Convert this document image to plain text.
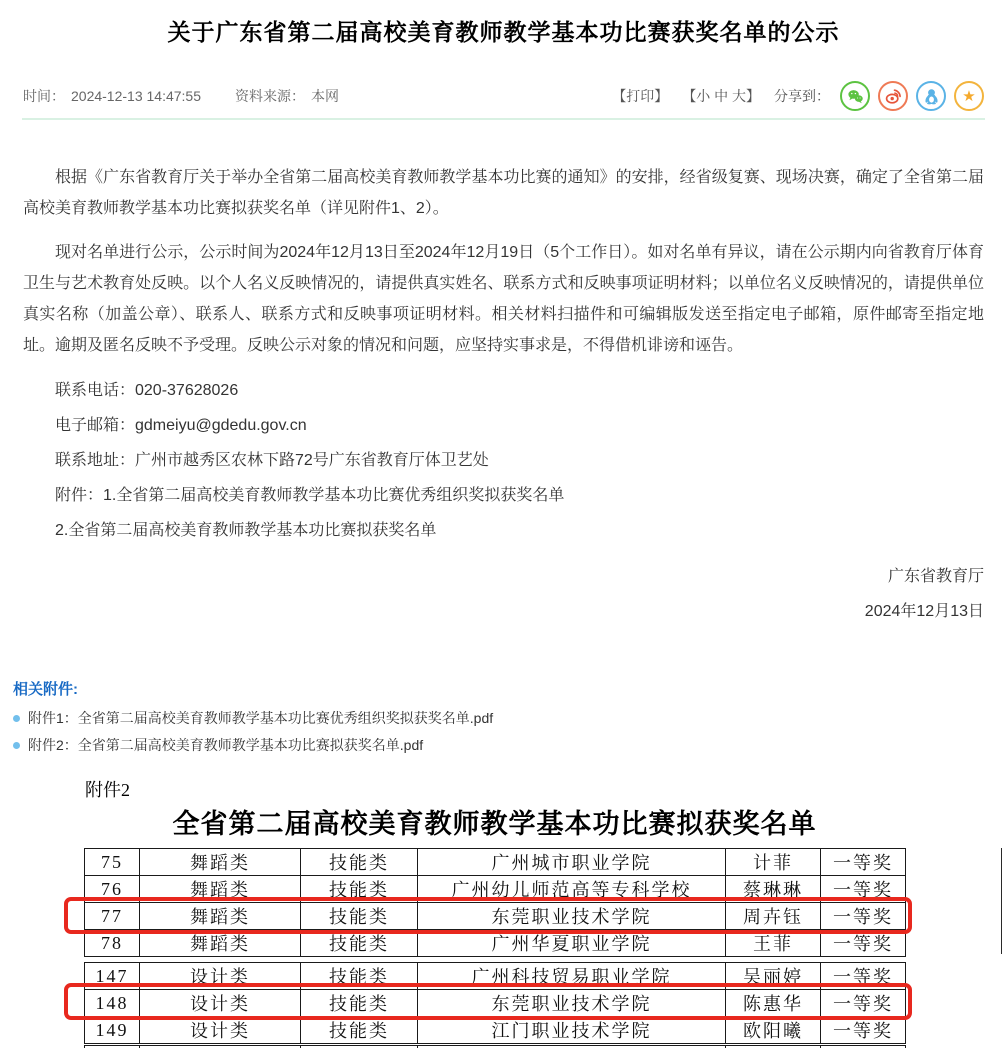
关于广东省第二届高校美育教师教学基本功比赛获奖名单的公示
时间： 2024-12-13 14:47:55 资料来源： 本网	【打印】 【小 中 大】 分享到：	★

根据《广东省教育厅关于举办全省第二届高校美育教师教学基本功比赛的通知》的安排，经省级复赛、现场决赛，确定了全省第二届高校美育教师教学基本功比赛拟获奖名单（详见附件1、2）。

现对名单进行公示，公示时间为2024年12月13日至2024年12月19日（5个工作日）。如对名单有异议，请在公示期内向省教育厅体育卫生与艺术教育处反映。以个人名义反映情况的，请提供真实姓名、联系方式和反映事项证明材料；以单位名义反映情况的，请提供单位真实名称（加盖公章）、联系人、联系方式和反映事项证明材料。相关材料扫描件和可编辑版发送至指定电子邮箱，原件邮寄至指定地址。逾期及匿名反映不予受理。反映公示对象的情况和问题，应坚持实事求是，不得借机诽谤和诬告。

联系电话：020-37628026

电子邮箱：gdmeiyu@gdedu.gov.cn

联系地址：广州市越秀区农林下路72号广东省教育厅体卫艺处

附件：1.全省第二届高校美育教师教学基本功比赛优秀组织奖拟获奖名单

2.全省第二届高校美育教师教学基本功比赛拟获奖名单

广东省教育厅
2024年12月13日
相关附件:
附件1：全省第二届高校美育教师教学基本功比赛优秀组织奖拟获奖名单.pdf
附件2：全省第二届高校美育教师教学基本功比赛拟获奖名单.pdf
附件2
全省第二届高校美育教师教学基本功比赛拟获奖名单
75	舞蹈类	技能类	广州城市职业学院	计菲	一等奖
76	舞蹈类	技能类	广州幼儿师范高等专科学校	蔡琳琳	一等奖
77	舞蹈类	技能类	东莞职业技术学院	周卉钰	一等奖
78	舞蹈类	技能类	广州华夏职业学院	王菲	一等奖
147	设计类	技能类	广州科技贸易职业学院	吴丽婷	一等奖
148	设计类	技能类	东莞职业技术学院	陈惠华	一等奖
149	设计类	技能类	江门职业技术学院	欧阳曦	一等奖
